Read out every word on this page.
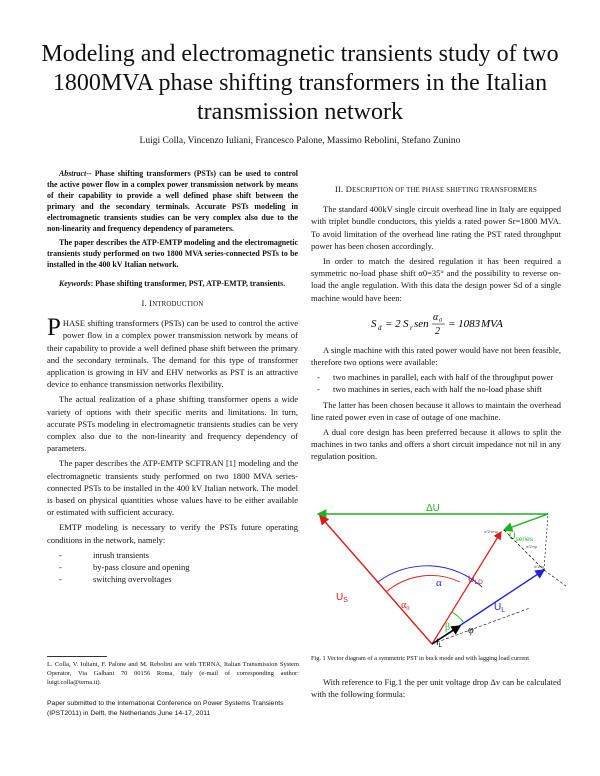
Modeling and electromagnetic transients study of two 1800MVA phase shifting transformers in the Italian transmission network
Luigi Colla, Vincenzo Iuliani, Francesco Palone, Massimo Rebolini, Stefano Zunino

Abstract-- Phase shifting transformers (PSTs) can be used to control the active power flow in a complex power transmission network by means of their capability to provide a well defined phase shift between the primary and the secondary terminals. Accurate PSTs modeling in electromagnetic transients studies can be very complex also due to the non-linearity and frequency dependency of parameters.

The paper describes the ATP-EMTP modeling and the electromagnetic transients study performed on two 1800 MVA series-connected PSTs to be installed in the 400 kV Italian network.

Keywords: Phase shifting transformer, PST, ATP-EMTP, transients.

I. INTRODUCTION

PHASE shifting transformers (PSTs) can be used to control the active power flow in a complex power transmission network by means of their capability to provide a well defined phase shift between the primary and the secondary terminals. The demand for this type of transformer application is growing in HV and EHV networks as PST is an attractive device to enhance transmission networks flexibility.

The actual realization of a phase shifting transformer opens a wide variety of options with their specific merits and limitations. In turn, accurate PSTs modeling in electromagnetic transients studies can be very complex also due to the non-linearity and frequency dependency of parameters.

The paper describes the ATP-EMTP SCFTRAN [1] modeling and the electromagnetic transients study performed on two 1800 MVA series-connected PSTs to be installed in the 400 kV Italian network. The model is based on physical quantities whose values have to be either available or estimated with sufficient accuracy.

EMTP modeling is necessary to verify the PSTs future operating conditions in the network, namely:

-	inrush transients
-	by-pass closure and opening
-	switching overvoltages
L. Colla, V. Iuliani, F. Palone and M. Rebolini are with TERNA, Italian Transmission System Operator, Via Galbani 70 00156 Roma, Italy (e-mail of corresponding author: luigi.colla@terna.it).
Paper submitted to the International Conference on Power Systems Transients (IPST2011) in Delft, the Netherlands June 14-17, 2011
II. DESCRIPTION OF THE PHASE SHIFTING TRANSFORMERS

The standard 400kV single circuit overhead line in Italy are equipped with triplet bundle conductors, this yields a rated power Sr=1800 MVA. To avoid limitation of the overhead line rating the PST rated throughput power has been chosen accordingly.

In order to match the desired regulation it has been required a symmetric no-load phase shift α0=35° and the possibility to reverse on-load the angle regulation. With this data the design power Sd of a single machine would have been:

S d = 2 S r sen
α 0
2
= 1083 MVA

A single machine with this rated power would have not been feasible, therefore two options were available:

- two machines in parallel, each with half of the throughput power
- two machines in series, each with half the no-load phase shift

The latter has been chosen because it allows to maintain the overhead line rated power even in case of outage of one machine.

A dual core design has been preferred because it allows to split the machines in two tanks and offers a short circuit impedance not nil in any regulation position.

ΔU
$U_S$
$U_{LD}$
$U_{series}$
$U_L$
$I_L$
α
$\alpha_0$
β φ
π/2-α-φ
π/2+φ
π/2-φ
Fig. 1 Vector diagram of a symmetric PST in buck mode and with lagging load current
With reference to Fig.1 the per unit voltage drop Δv can be calculated with the following formula:
